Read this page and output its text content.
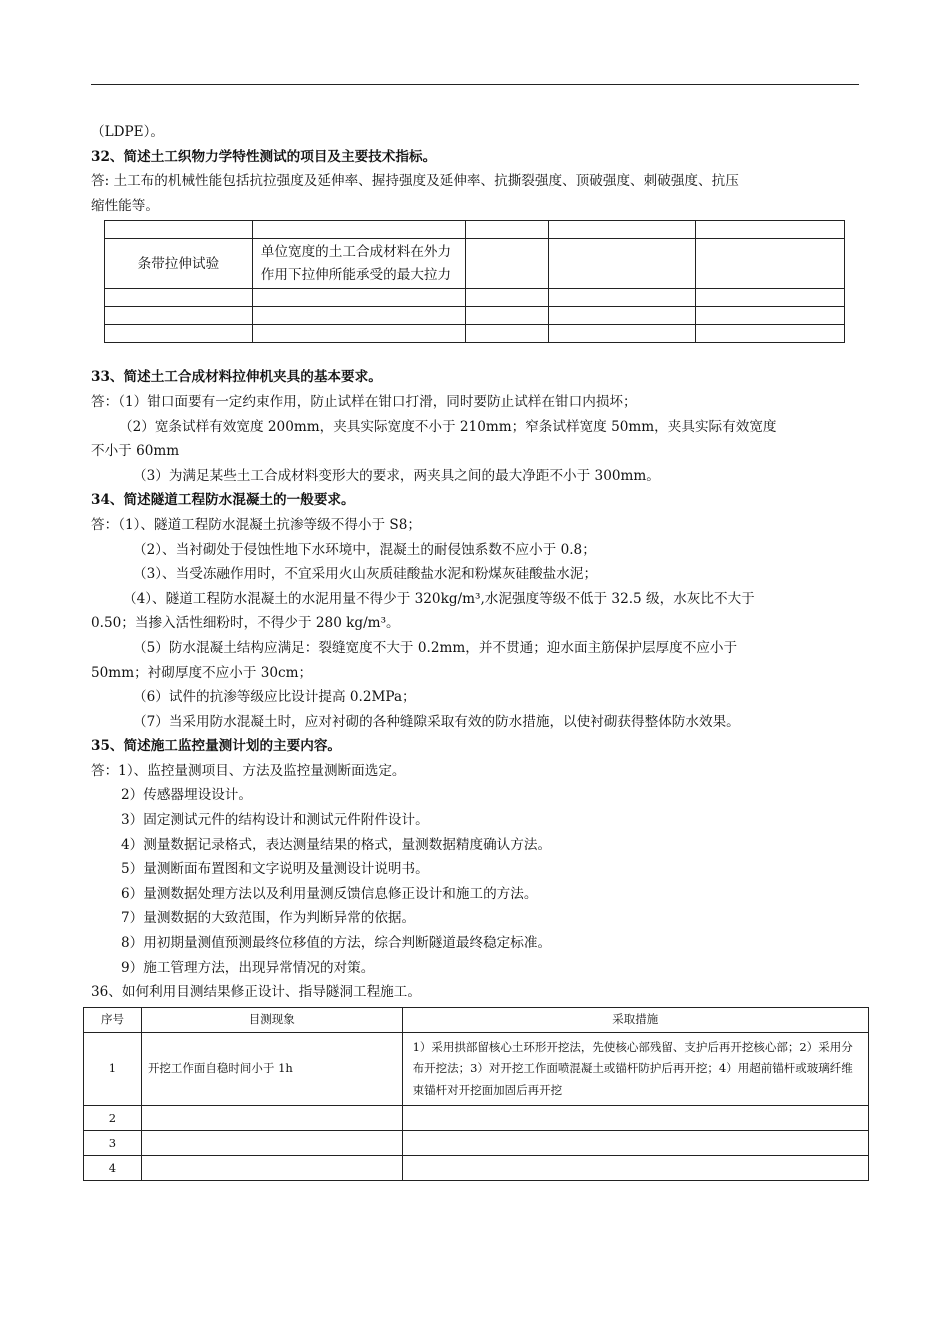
（LDPE）。
32、简述土工织物力学特性测试的项目及主要技术指标。
答: 土工布的机械性能包括抗拉强度及延伸率、握持强度及延伸率、抗撕裂强度、顶破强度、刺破强度、抗压
缩性能等。

条带拉伸试验	单位宽度的土工合成材料在外力作用下拉伸所能承受的最大拉力			

33、简述土工合成材料拉伸机夹具的基本要求。
答：（1）钳口面要有一定约束作用，防止试样在钳口打滑，同时要防止试样在钳口内损坏；
（2）宽条试样有效宽度 200mm，夹具实际宽度不小于 210mm；窄条试样宽度 50mm，夹具实际有效宽度
不小于 60mm
（3）为满足某些土工合成材料变形大的要求，两夹具之间的最大净距不小于 300mm。
34、简述隧道工程防水混凝土的一般要求。
答：（1）、隧道工程防水混凝土抗渗等级不得小于 S8；
（2）、当衬砌处于侵蚀性地下水环境中，混凝土的耐侵蚀系数不应小于 0.8；
（3）、当受冻融作用时，不宜采用火山灰质硅酸盐水泥和粉煤灰硅酸盐水泥；
（4）、隧道工程防水混凝土的水泥用量不得少于 320kg/m³,水泥强度等级不低于 32.5 级，水灰比不大于
0.50；当掺入活性细粉时，不得少于 280 kg/m³。
（5）防水混凝土结构应满足：裂缝宽度不大于 0.2mm，并不贯通；迎水面主筋保护层厚度不应小于
50mm；衬砌厚度不应小于 30cm；
（6）试件的抗渗等级应比设计提高 0.2MPa；
（7）当采用防水混凝土时，应对衬砌的各种缝隙采取有效的防水措施，以使衬砌获得整体防水效果。
35、简述施工监控量测计划的主要内容。
答：1）、监控量测项目、方法及监控量测断面选定。
2）传感器埋设设计。
3）固定测试元件的结构设计和测试元件附件设计。
4）测量数据记录格式，表达测量结果的格式，量测数据精度确认方法。
5）量测断面布置图和文字说明及量测设计说明书。
6）量测数据处理方法以及利用量测反馈信息修正设计和施工的方法。
7）量测数据的大致范围，作为判断异常的依据。
8）用初期量测值预测最终位移值的方法，综合判断隧道最终稳定标准。
9）施工管理方法，出现异常情况的对策。
36、如何利用目测结果修正设计、指导隧洞工程施工。
序号	目测现象	采取措施
1	开挖工作面自稳时间小于 1h	1）采用拱部留核心土环形开挖法，先使核心部残留、支护后再开挖核心部；2）采用分布开挖法；3）对开挖工作面喷混凝土或锚杆防护后再开挖；4）用超前锚杆或玻璃纤维束锚杆对开挖面加固后再开挖
2		
3		
4		
